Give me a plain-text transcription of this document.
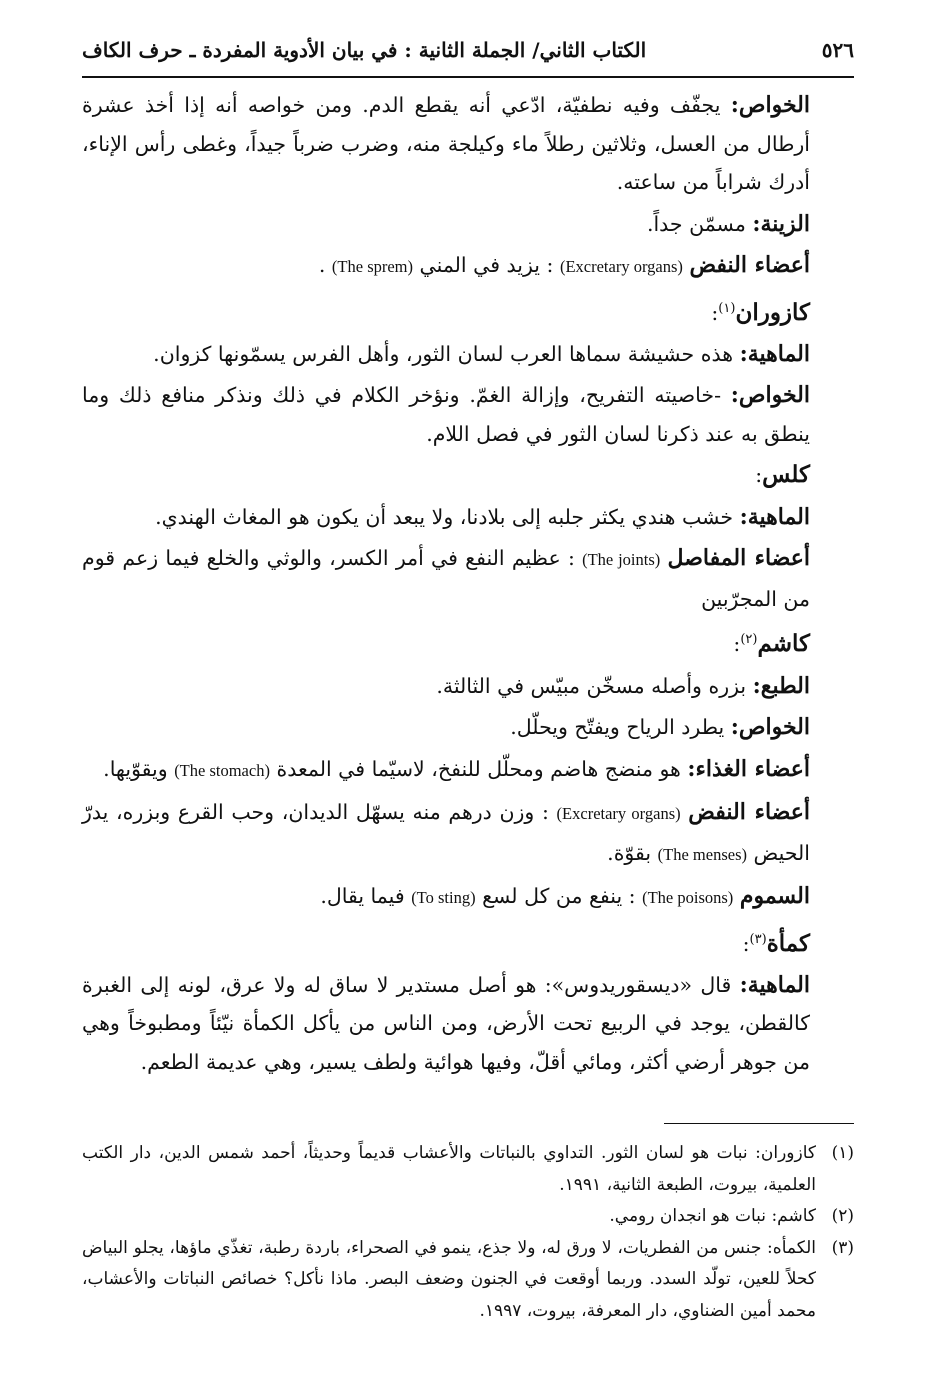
٥٢٦
الكتاب الثاني/ الجملة الثانية : في بيان الأدوية المفردة ـ حرف الكاف

الخواص: يجفّف وفيه نطفيّة، ادّعي أنه يقطع الدم. ومن خواصه أنه إذا أخذ عشرة أرطال من العسل، وثلاثين رطلاً ماء وكيلجة منه، وضرب ضرباً جيداً، وغطى رأس الإناء، أدرك شراباً من ساعته.

الزينة: مسمّن جداً.

أعضاء النفض (Excretary organs) : يزيد في المني (The sprem) .

كازوران$^{(١)}$:

الماهية: هذه حشيشة سماها العرب لسان الثور، وأهل الفرس يسمّونها كزوان.

الخواص: -خاصيته التفريح، وإزالة الغمّ. ونؤخر الكلام في ذلك ونذكر منافع ذلك وما ينطق به عند ذكرنا لسان الثور في فصل اللام.

كلس:

الماهية: خشب هندي يكثر جلبه إلى بلادنا، ولا يبعد أن يكون هو المغاث الهندي.

أعضاء المفاصل (The joints) : عظيم النفع في أمر الكسر، والوثي والخلع فيما زعم قوم من المجرّبين

كاشم$^{(٢)}$:

الطبع: بزره وأصله مسخّن مبيّس في الثالثة.

الخواص: يطرد الرياح ويفتّح ويحلّل.

أعضاء الغذاء: هو منضج هاضم ومحلّل للنفخ، لاسيّما في المعدة (The stomach) ويقوّيها.

أعضاء النفض (Excretary organs) : وزن درهم منه يسهّل الديدان، وحب القرع وبزره، يدرّ الحيض (The menses) بقوّة.

السموم (The poisons) : ينفع من كل لسع (To sting) فيما يقال.

كمأة$^{(٣)}$:

الماهية: قال «ديسقوريدوس»: هو أصل مستدير لا ساق له ولا عرق، لونه إلى الغبرة كالقطن، يوجد في الربيع تحت الأرض، ومن الناس من يأكل الكمأة نيّئاً ومطبوخاً وهي من جوهر أرضي أكثر، ومائي أقلّ، وفيها هوائية ولطف يسير، وهي عديمة الطعم.

(١)
كازوران: نبات هو لسان الثور. التداوي بالنباتات والأعشاب قديماً وحديثاً، أحمد شمس الدين، دار الكتب العلمية، بيروت، الطبعة الثانية، ١٩٩١.
(٢)
كاشم: نبات هو انجدان رومي.
(٣)
الكمأه: جنس من الفطريات، لا ورق له، ولا جذع، ينمو في الصحراء، باردة رطبة، تغذّي ماؤها، يجلو البياض كحلاً للعين، تولّد السدد. وربما أوقعت في الجنون وضعف البصر. ماذا نأكل؟ خصائص النباتات والأعشاب، محمد أمين الضناوي، دار المعرفة، بيروت، ١٩٩٧.
